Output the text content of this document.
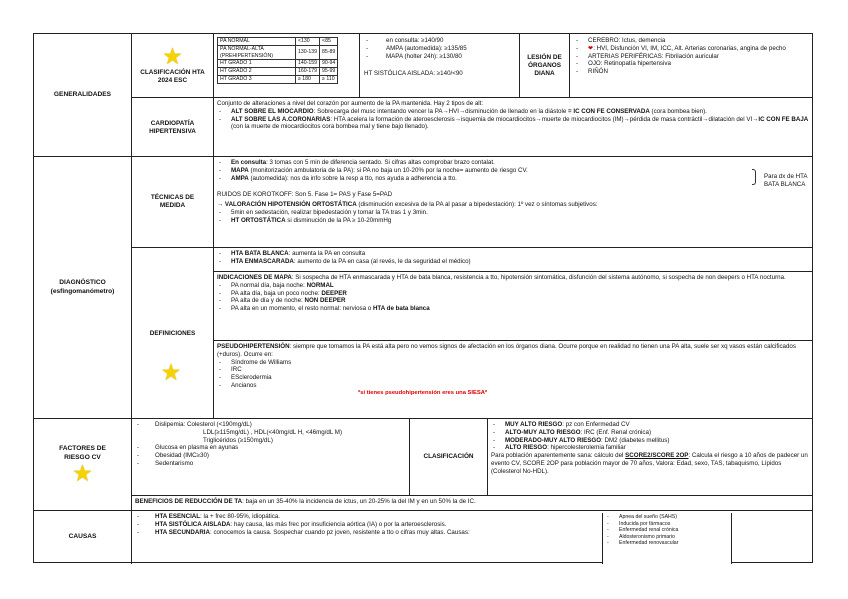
GENERALIDADES
★
CLASIFICACIÓN HTA 2024 ESC
PA NORMAL	<130	<85
PA NORMAL-ALTA (PREHIPERTENSIÓN)	130-139	85-89
HT GRADO 1	140-159	90-94
HT GRADO 2	160-179	95-99
HT GRADO 3	≥ 180	≥ 110
- en consulta: ≥140/90
- AMPA (automedida): ≥135/85
- MAPA (holter 24h): ≥130/80
HT SISTÓLICA AISLADA: ≥140/<90
LESIÓN DE ÓRGANOS DIANA
- CEREBRO: Ictus, demencia
- ❤: HVI, Disfunción VI, IM, ICC, Alt. Arterias coronarias, angina de pecho
- ARTERIAS PERIFÉRICAS: Fibrilación auricular
- OJO: Retinopatía hipertensiva
- RIÑÓN
CARDIOPATÍA HIPERTENSIVA
Conjunto de alteraciones a nivel del corazón por aumento de la PA mantenida. Hay 2 tipos de alt:
- ALT SOBRE EL MIOCARDIO: Sobrecarga del musc intentando vencer la PA→HVI→disminución de llenado en la diástole = IC CON FE CONSERVADA (cora bombea bien).
- ALT SOBRE LAS A.CORONARIAS: HTA acelera la formación de ateroesclerosis→isquemia de miocardiocitos→muerte de miocardiocitos (IM)→pérdida de masa contráctil→dilatación del VI→IC CON FE BAJA (con la muerte de miocardiocitos cora bombea mal y tiene bajo llenado).
DIAGNÓSTICO
(esfingomanómetro)
TÉCNICAS DE MEDIDA
- En consulta: 3 tomas con 5 min de diferencia sentado. Si cifras altas comprobar brazo contalat.
- MAPA (monitorización ambulatoria de la PA): si PA no baja un 10-20% por la noche= aumento de riesgo CV.
- AMPA (automedida): nos da info sobre la resp a tto, nos ayuda a adherencia a tto.	Para dx de HTA BATA BLANCA
RUIDOS DE KOROTKOFF: Son 5. Fase 1= PAS y Fase 5=PAD
→ VALORACIÓN HIPOTENSIÓN ORTOSTÁTICA (disminución excesiva de la PA al pasar a bipedestación): 1º vez o síntomas subjetivos:
- 5min en sedestación, realizar bipedestación y tomar la TA tras 1 y 3min.
- HT ORTOSTÁTICA si disminución de la PA ≥ 10-20mmHg
DEFINICIONES
★
- HTA BATA BLANCA: aumenta la PA en consulta
- HTA ENMASCARADA: aumento de la PA en casa (al revés, le da seguridad el médico)
INDICACIONES DE MAPA: Si sospecha de HTA enmascarada y HTA de bata blanca, resistencia a tto, hipotensión sintomática, disfunción del sistema autónomo, si sospecha de non deepers o HTA nocturna.
- PA normal día, baja noche: NORMAL
- PA alta día, baja un poco noche: DEEPER
- PA alta de día y de noche: NON DEEPER
- PA alta en un momento, el resto normal: nerviosa o HTA de bata blanca
PSEUDOHIPERTENSIÓN: siempre que tomamos la PA está alta pero no vemos signos de afectación en los órganos diana. Ocurre porque en realidad no tienen una PA alta, suele ser xq vasos están calcificados (+duros). Ocurre en:
- Síndrome de Williams
- IRC
- ESclerodermia
- Ancianos
*si tienes pseudohipertensión eres una SIESA*
FACTORES DE RIESGO CV
★
- Dislipemia: Colesterol (<190mg/dL)
LDL(≥115mg/dL) , HDL(<40mg/dL H, <46mg/dL M)
Triglicéridos (≥150mg/dL)
- Glucosa en plasma en ayunas
- Obesidad (IMC≥30)
- Sedentarismo
CLASIFICACIÓN
- MUY ALTO RIESGO: pz con Enfermedad CV
- ALTO-MUY ALTO RIESGO: IRC (Enf. Renal crónica)
- MODERADO-MUY ALTO RIESGO: DM2 (diabetes mellitus)
- ALTO RIESGO: hipercolesterolemia familiar
Para población aparentemente sana: cálculo del SCORE2/SCORE 2OP: Calcula el riesgo a 10 años de padecer un evento CV, SCORE 2OP para población mayor de 70 años, Valora: Edad, sexo, TAS, tabaquismo, Lípidos (Colesterol No-HDL).
BENEFICIOS DE REDUCCIÓN DE TA: baja en un 35-40% la incidencia de ictus, un 20-25% la del IM y en un 50% la de IC.
CAUSAS
- HTA ESENCIAL: la + frec 80-95%, idiopática.
- HTA SISTÓLICA AISLADA: hay causa, las más frec por insuficiencia aórtica (IA) o por la arteroesclerosis.
- HTA SECUNDARIA: conocemos la causa. Sospechar cuando pz joven, resistente a tto o cifras muy altas. Causas:
- Apnea del sueño (SAHS)
- Inducida por fármacos
- Enfermedad renal crónica
- Aldosteronismo primario
- Enfermedad renovascular
